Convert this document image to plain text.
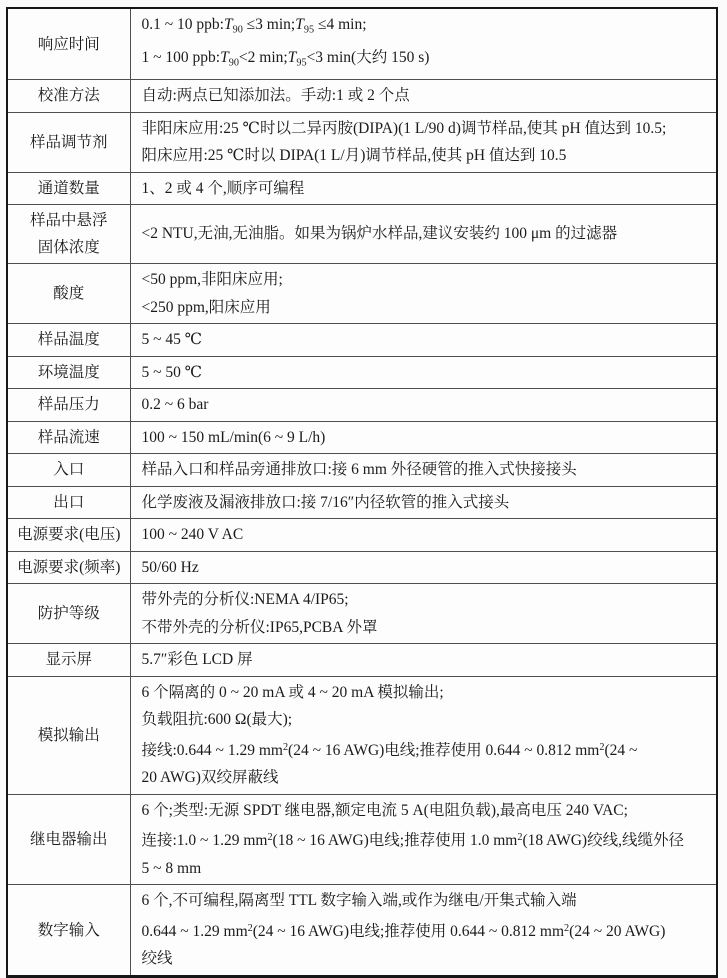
响应时间	0.1 ~ 10 $ppb:T_{90} \le 3$ $\min;T_{95} \le 4$ min;
1 ~ 100 $ppb:T_{90}<2$ $\min;T_{95}<3$ min(大约 150 s)

校准方法	自动:两点已知添加法。手动:1 或 2 个点

样品调节剂	非阳床应用:25 ℃时以二异丙胺(DIPA)(1 L/90 d)调节样品,使其 pH 值达到 10.5;
阳床应用:25 ℃时以 DIPA(1 L/月)调节样品,使其 pH 值达到 10.5

通道数量	1、2 或 4 个,顺序可编程

样品中悬浮
固体浓度	<2 NTU,无油,无油脂。如果为锅炉水样品,建议安装约 100 μm 的过滤器

酸度	<50 ppm,非阳床应用;
<250 ppm,阳床应用

样品温度	5 ~ 45 ℃

环境温度	5 ~ 50 ℃

样品压力	0.2 ~ 6 bar

样品流速	100 ~ 150 mL/min(6 ~ 9 L/h)

入口	样品入口和样品旁通排放口:接 6 mm 外径硬管的推入式快接接头

出口	化学废液及漏液排放口:接 7/16″内径软管的推入式接头

电源要求(电压)	100 ~ 240 V AC

电源要求(频率)	50/60 Hz

防护等级	带外壳的分析仪:NEMA 4/IP65;
不带外壳的分析仪:IP65,PCBA 外罩

显示屏	5.7″彩色 LCD 屏

模拟输出	6 个隔离的 0 ~ 20 mA 或 4 ~ 20 mA 模拟输出;
负载阻抗:600 Ω(最大);
接线:0.644 ~ 1.29 $mm^2(24$ ~ 16 AWG)电线;推荐使用 0.644 ~ 0.812 $mm^2(24$ ~
20 AWG)双绞屏蔽线

继电器输出	6 个;类型:无源 SPDT 继电器,额定电流 5 A(电阻负载),最高电压 240 VAC;
连接:1.0 ~ 1.29 $mm^2(18$ ~ 16 AWG)电线;推荐使用 1.0 $mm^2(18$ AWG)绞线,线缆外径
5 ~ 8 mm

数字输入	6 个,不可编程,隔离型 TTL 数字输入端,或作为继电/开集式输入端
0.644 ~ 1.29 $mm^2(24$ ~ 16 AWG)电线;推荐使用 0.644 ~ 0.812 $mm^2(24$ ~ 20 AWG)
绞线
